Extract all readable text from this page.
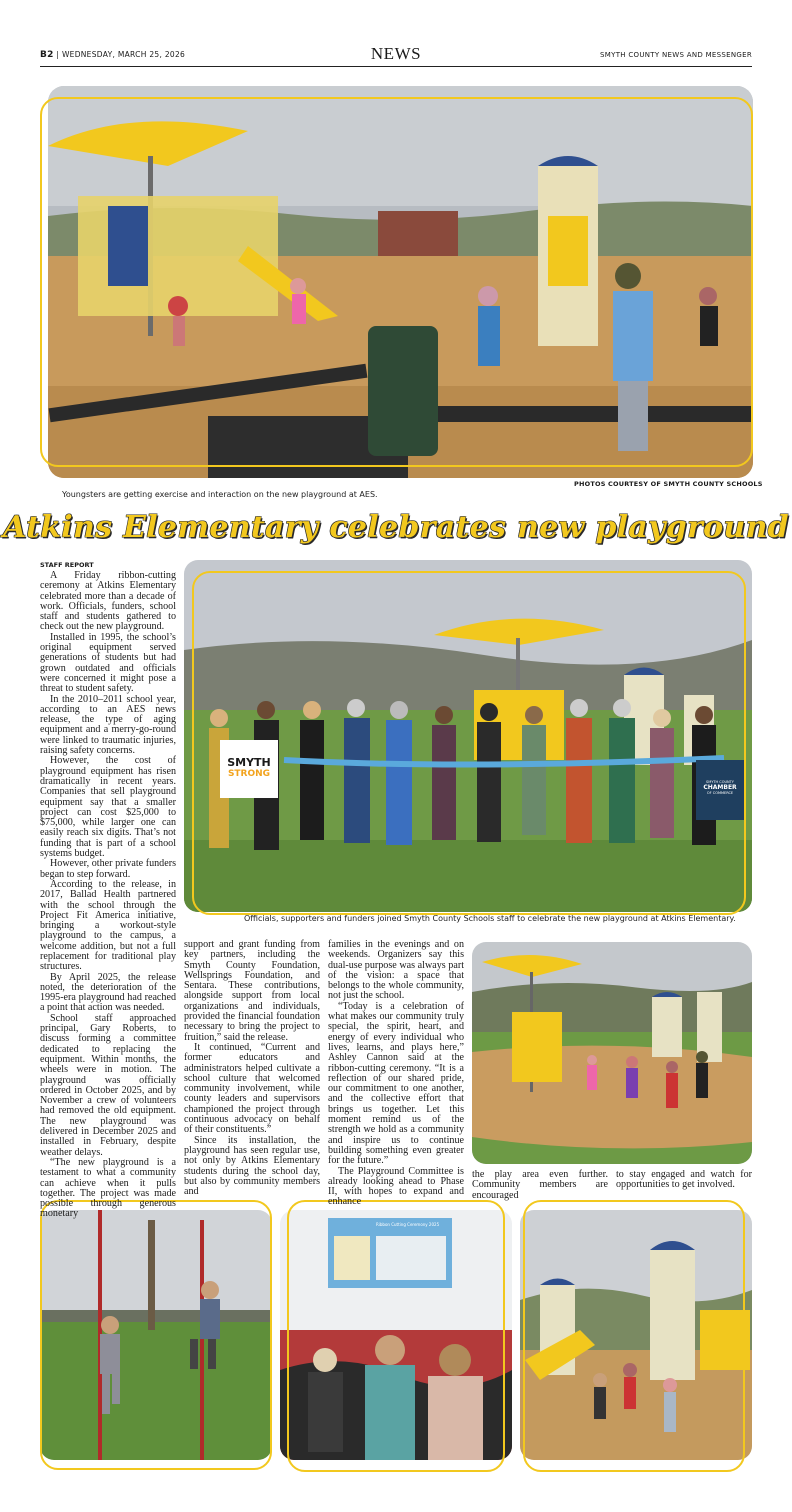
B2 | WEDNESDAY, MARCH 25, 2026	NEWS	SMYTH COUNTY NEWS AND MESSENGER
PHOTOS COURTESY OF SMYTH COUNTY SCHOOLS
Youngsters are getting exercise and interaction on the new playground at AES.
Atkins Elementary celebrates new playground
STAFF REPORT
SMYTH
STRONG
SMYTH COUNTY
CHAMBER
OF COMMERCE
Officials, supporters and funders joined Smyth County Schools staff to celebrate the new playground at Atkins Elementary.
Ribbon Cutting Ceremony 2025

A Friday ribbon-cutting ceremony at Atkins Elementary celebrated more than a decade of work. Officials, funders, school staff and students gathered to check out the new playground.

Installed in 1995, the school’s original equipment served generations of students but had grown outdated and officials were concerned it might pose a threat to student safety.

In the 2010–2011 school year, according to an AES news release, the type of aging equipment and a merry-go-round were linked to traumatic injuries, raising safety concerns.

However, the cost of playground equipment has risen dramatically in recent years. Companies that sell playground equipment say that a smaller project can cost $25,000 to $75,000, while larger one can easily reach six digits. That’s not funding that is part of a school systems budget.

However, other private funders began to step forward.

According to the release, in 2017, Ballad Health partnered with the school through the Project Fit America initiative, bringing a workout-style playground to the campus, a welcome addition, but not a full replacement for traditional play structures.

By April 2025, the release noted, the deterioration of the 1995-era playground had reached a point that action was needed.

School staff approached principal, Gary Roberts, to discuss forming a committee dedicated to replacing the equipment. Within months, the wheels were in motion. The playground was officially ordered in October 2025, and by November a crew of volunteers had removed the old equipment. The new playground was delivered in December 2025 and installed in February, despite weather delays.

“The new playground is a testament to what a community can achieve when it pulls together. The project was made possible through generous monetary

support and grant funding from key partners, including the Smyth County Foundation, Wellsprings Foundation, and Sentara. These contributions, alongside support from local organizations and individuals, provided the financial foundation necessary to bring the project to fruition,” said the release.

It continued, “Current and former educators and administrators helped cultivate a school culture that welcomed community involvement, while county leaders and supervisors championed the project through continuous advocacy on behalf of their constituents.”

Since its installation, the playground has seen regular use, not only by Atkins Elementary students during the school day, but also by community members and

families in the evenings and on weekends. Organizers say this dual-use purpose was always part of the vision: a space that belongs to the whole community, not just the school.

“Today is a celebration of what makes our community truly special, the spirit, heart, and energy of every individual who lives, learns, and plays here,” Ashley Cannon said at the ribbon-cutting ceremony. “It is a reflection of our shared pride, our commitment to one another, and the collective effort that brings us together. Let this moment remind us of the strength we hold as a community and inspire us to continue building something even greater for the future.”

The Playground Committee is already looking ahead to Phase II, with hopes to expand and enhance

the play area even further. Community members are encouraged

to stay engaged and watch for opportunities to get involved.
